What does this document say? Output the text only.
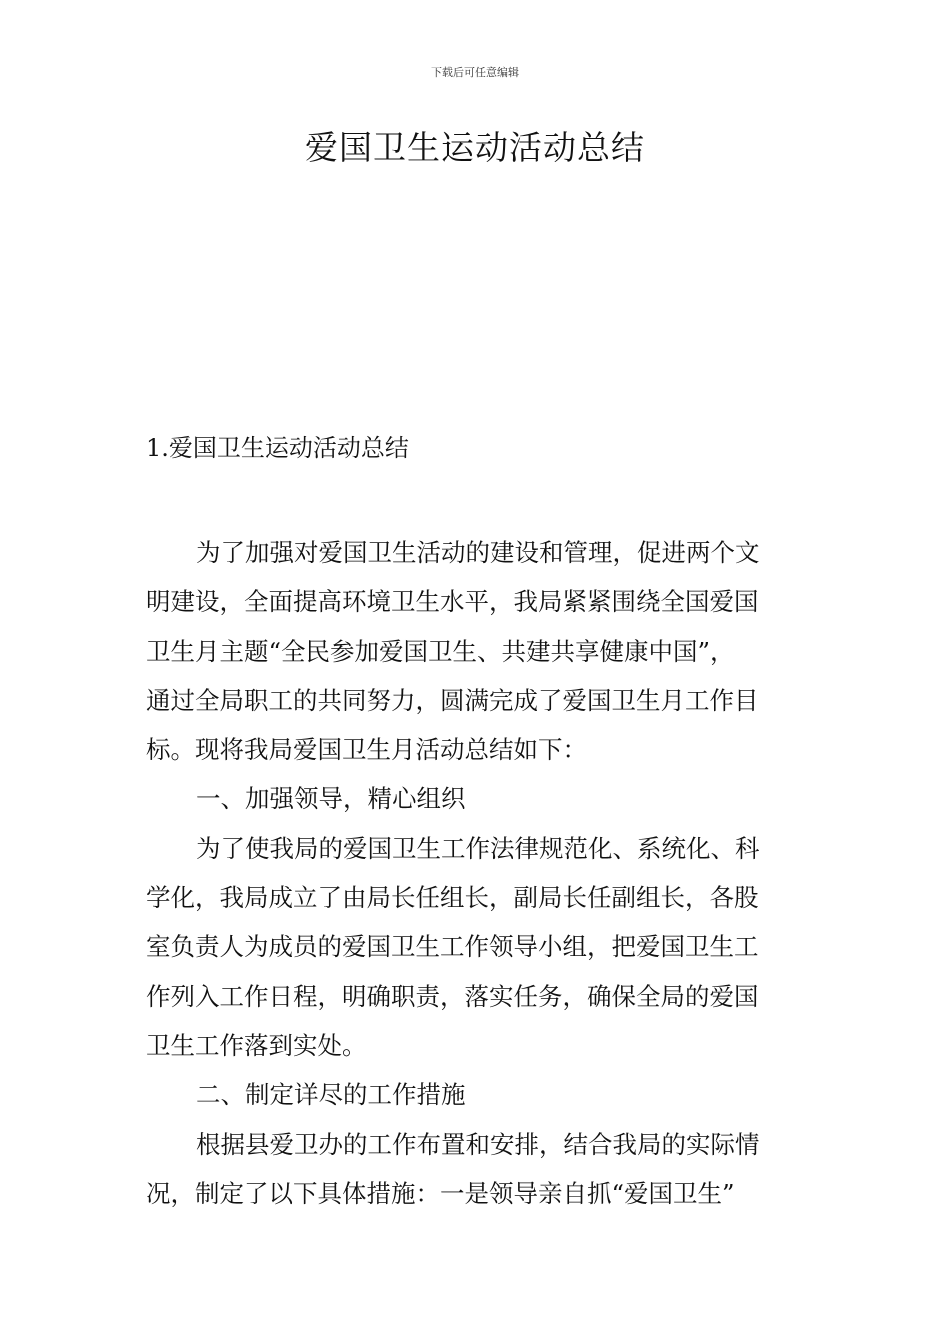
下载后可任意编辑
爱国卫生运动活动总结
1.爱国卫生运动活动总结
为了加强对爱国卫生活动的建设和管理，促进两个文
明建设，全面提高环境卫生水平，我局紧紧围绕全国爱国
卫生月主题“全民参加爱国卫生、共建共享健康中国”，
通过全局职工的共同努力，圆满完成了爱国卫生月工作目
标。现将我局爱国卫生月活动总结如下：
一、加强领导，精心组织
为了使我局的爱国卫生工作法律规范化、系统化、科
学化，我局成立了由局长任组长，副局长任副组长，各股
室负责人为成员的爱国卫生工作领导小组，把爱国卫生工
作列入工作日程，明确职责，落实任务，确保全局的爱国
卫生工作落到实处。
二、制定详尽的工作措施
根据县爱卫办的工作布置和安排，结合我局的实际情
况，制定了以下具体措施：一是领导亲自抓“爱国卫生”
